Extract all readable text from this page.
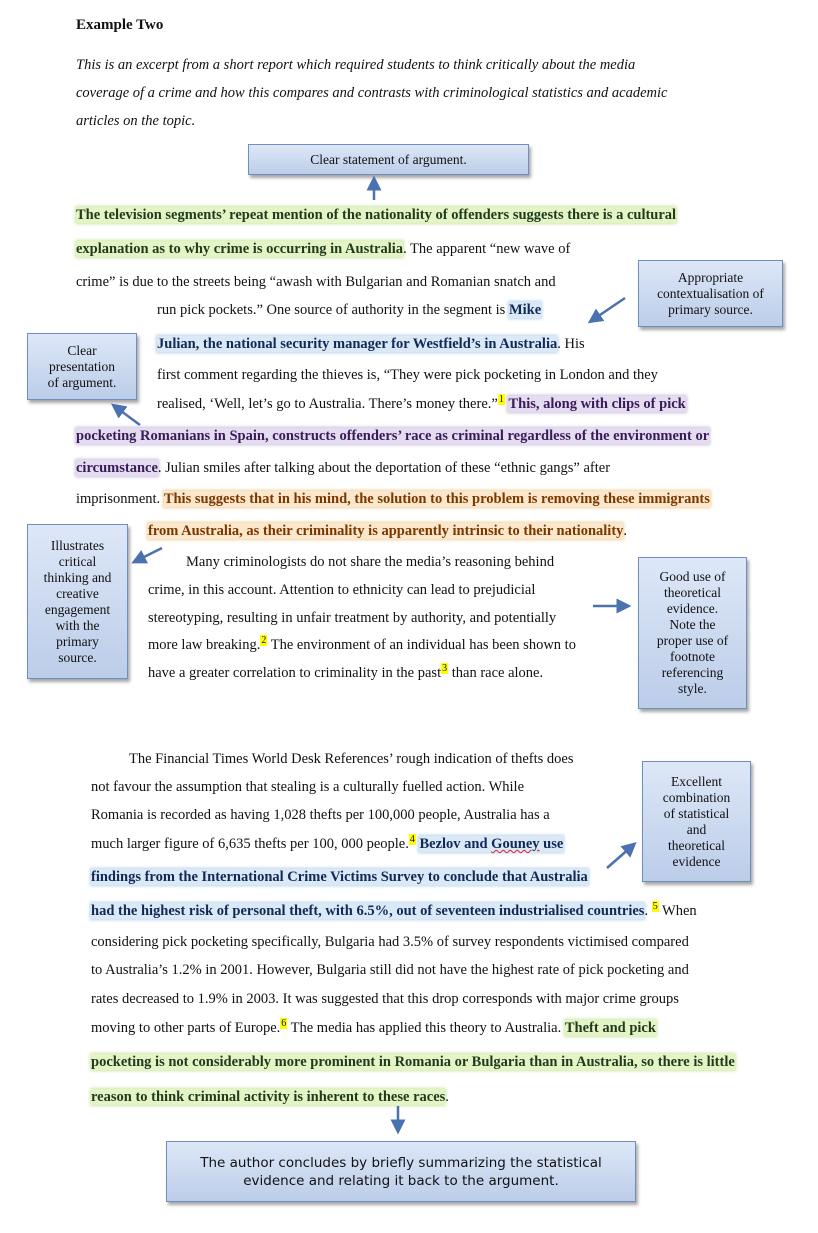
Example Two
This is an excerpt from a short report which required students to think critically about the media
coverage of a crime and how this compares and contrasts with criminological statistics and academic
articles on the topic.
The television segments’ repeat mention of the nationality of offenders suggests there is a cultural
explanation as to why crime is occurring in Australia. The apparent “new wave of
crime” is due to the streets being “awash with Bulgarian and Romanian snatch and
run pick pockets.” One source of authority in the segment is Mike
Julian, the national security manager for Westfield’s in Australia. His
first comment regarding the thieves is, “They were pick pocketing in London and they
realised, ‘Well, let’s go to Australia. There’s money there.”$^1$ This, along with clips of pick
pocketing Romanians in Spain, constructs offenders’ race as criminal regardless of the environment or
circumstance. Julian smiles after talking about the deportation of these “ethnic gangs” after
imprisonment. This suggests that in his mind, the solution to this problem is removing these immigrants
from Australia, as their criminality is apparently intrinsic to their nationality.
Many criminologists do not share the media’s reasoning behind
crime, in this account. Attention to ethnicity can lead to prejudicial
stereotyping, resulting in unfair treatment by authority, and potentially
more law breaking.$^2$ The environment of an individual has been shown to
have a greater correlation to criminality in the past$^3$ than race alone.
The Financial Times World Desk References’ rough indication of thefts does
not favour the assumption that stealing is a culturally fuelled action. While
Romania is recorded as having 1,028 thefts per 100,000 people, Australia has a
much larger figure of 6,635 thefts per 100, 000 people.$^4$ Bezlov and Gouney use
findings from the International Crime Victims Survey to conclude that Australia
had the highest risk of personal theft, with 6.5%, out of seventeen industrialised countries. $^5$ When
considering pick pocketing specifically, Bulgaria had 3.5% of survey respondents victimised compared
to Australia’s 1.2% in 2001. However, Bulgaria still did not have the highest rate of pick pocketing and
rates decreased to 1.9% in 2003. It was suggested that this drop corresponds with major crime groups
moving to other parts of Europe.$^6$ The media has applied this theory to Australia. Theft and pick
pocketing is not considerably more prominent in Romania or Bulgaria than in Australia, so there is little
reason to think criminal activity is inherent to these races.
Clear statement of argument.
Appropriate
contextualisation of
primary source.
Clear
presentation
of argument.
Illustrates
critical
thinking and
creative
engagement
with the
primary
source.
Good use of
theoretical
evidence.
Note the
proper use of
footnote
referencing
style.
Excellent
combination
of statistical
and
theoretical
evidence
The author concludes by briefly summarizing the statistical
evidence and relating it back to the argument.
